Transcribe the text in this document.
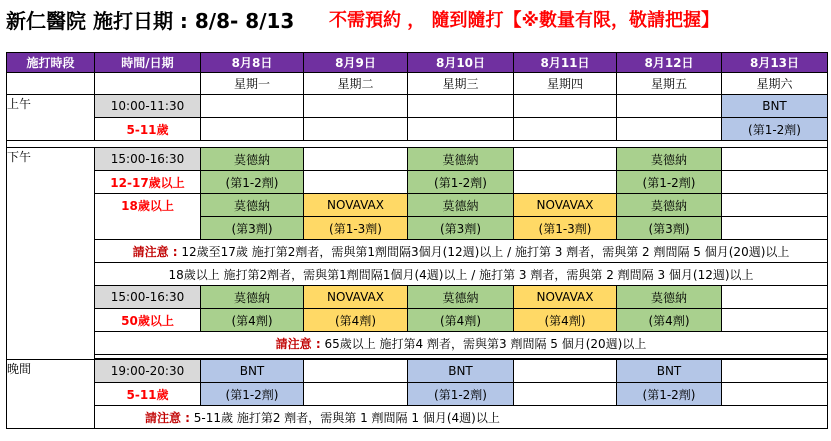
新仁醫院 施打日期 : 8/8- 8/13 不需預約 ， 隨到隨打【※數量有限，敬請把握】
施打時段	時間/日期	8月8日	8月9日	8月10日	8月11日	8月12日	8月13日
		星期一	星期二	星期三	星期四	星期五	星期六
上午	10:00-11:30						BNT
	5-11歲						(第1-2劑)

下午	15:00-16:30	莫德納		莫德納		莫德納	
	12-17歲以上	(第1-2劑)		(第1-2劑)		(第1-2劑)	
	18歲以上	莫德納	NOVAVAX	莫德納	NOVAVAX	莫德納	
		(第3劑)	(第1-3劑)	(第3劑)	(第1-3劑)	(第3劑)	
	請注意 : 12歲至17歲 施打第2劑者，需與第1劑間隔3個月(12週)以上 / 施打第 3 劑者，需與第 2 劑間隔 5 個月(20週)以上						
	18歲以上 施打第2劑者，需與第1劑間隔1個月(4週)以上 / 施打第 3 劑者，需與第 2 劑間隔 3 個月(12週)以上						
	15:00-16:30	莫德納	NOVAVAX	莫德納	NOVAVAX	莫德納	
	50歲以上	(第4劑)	(第4劑)	(第4劑)	(第4劑)	(第4劑)	
	請注意 : 65歲以上 施打第4 劑者，需與第3 劑間隔 5 個月(20週)以上						

晚間	19:00-20:30	BNT		BNT		BNT	
	5-11歲	(第1-2劑)		(第1-2劑)		(第1-2劑)	
	請注意 : 5-11歲 施打第2 劑者，需與第 1 劑間隔 1 個月(4週)以上						
